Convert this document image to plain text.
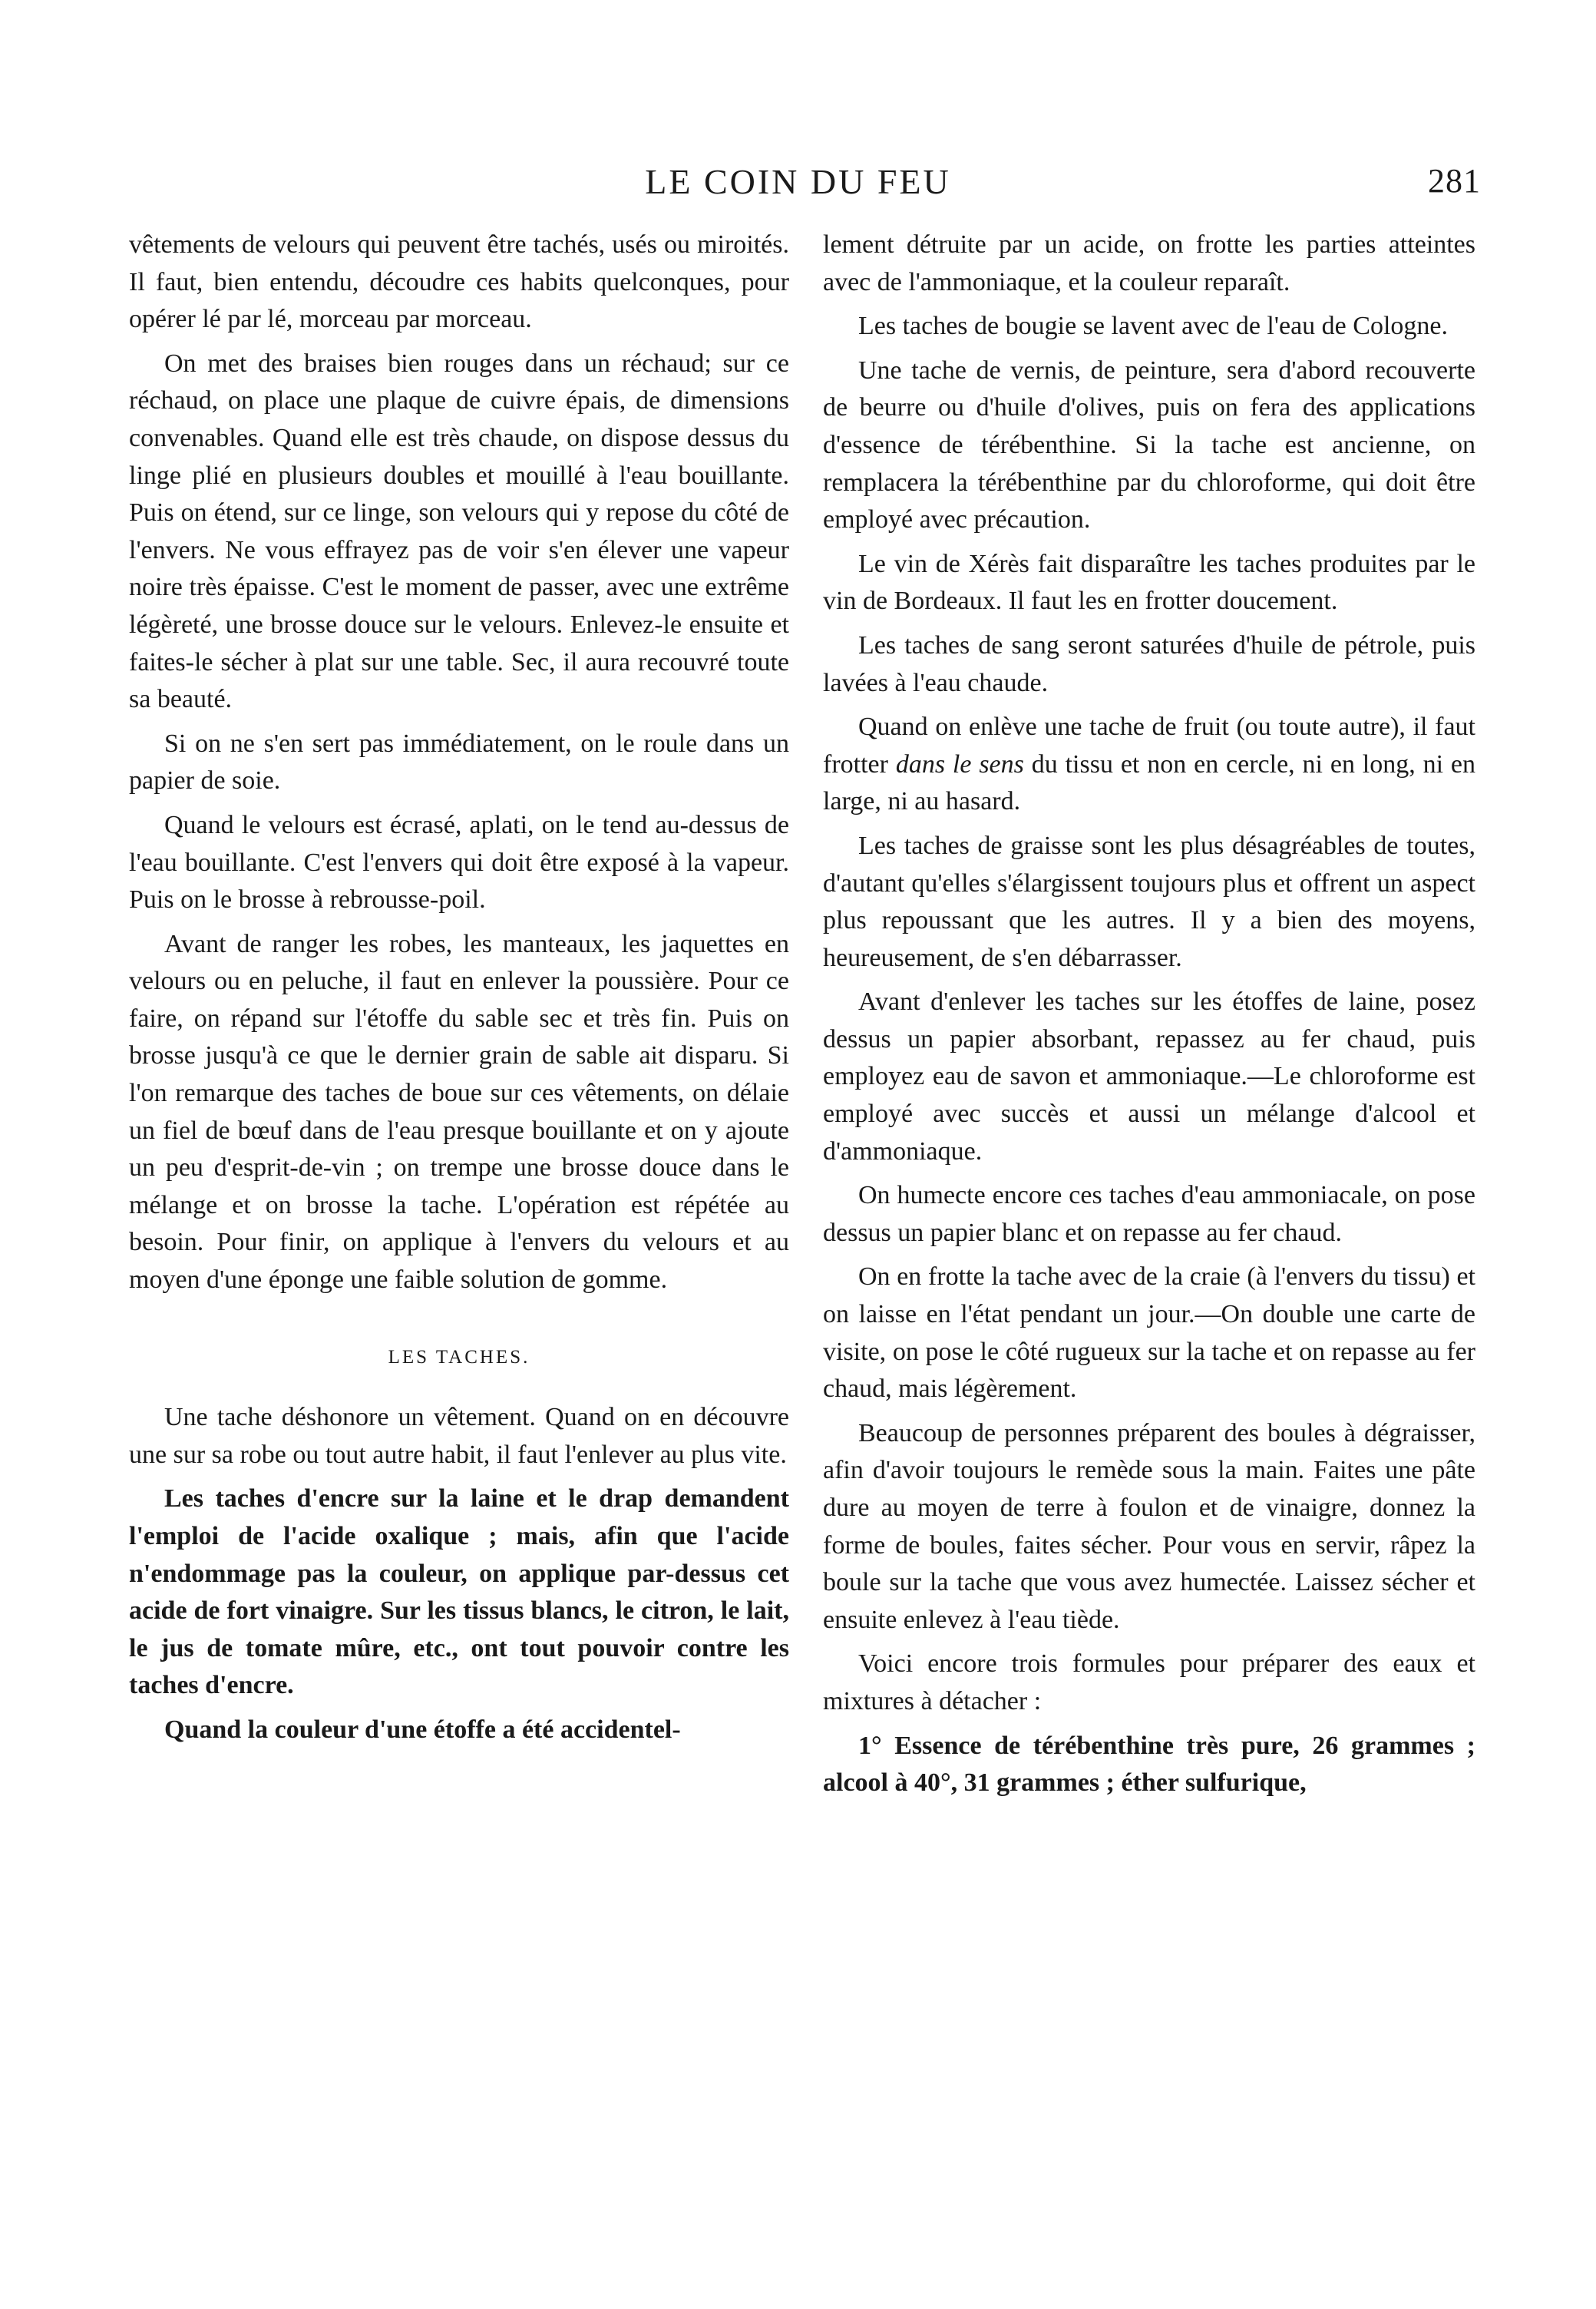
LE COIN DU FEU	281

vêtements de velours qui peuvent être tachés, usés ou miroités. Il faut, bien entendu, découdre ces habits quelconques, pour opérer lé par lé, morceau par morceau.

On met des braises bien rouges dans un réchaud; sur ce réchaud, on place une plaque de cuivre épais, de dimensions convenables. Quand elle est très chaude, on dispose dessus du linge plié en plusieurs doubles et mouillé à l'eau bouillante. Puis on étend, sur ce linge, son velours qui y repose du côté de l'envers. Ne vous effrayez pas de voir s'en élever une vapeur noire très épaisse. C'est le moment de passer, avec une extrême légèreté, une brosse douce sur le velours. Enlevez-le ensuite et faites-le sécher à plat sur une table. Sec, il aura recouvré toute sa beauté.

Si on ne s'en sert pas immédiatement, on le roule dans un papier de soie.

Quand le velours est écrasé, aplati, on le tend au-dessus de l'eau bouillante. C'est l'envers qui doit être exposé à la vapeur. Puis on le brosse à rebrousse-poil.

Avant de ranger les robes, les manteaux, les jaquettes en velours ou en peluche, il faut en enlever la poussière. Pour ce faire, on répand sur l'étoffe du sable sec et très fin. Puis on brosse jusqu'à ce que le dernier grain de sable ait disparu. Si l'on remarque des taches de boue sur ces vêtements, on délaie un fiel de bœuf dans de l'eau presque bouillante et on y ajoute un peu d'esprit-de-vin ; on trempe une brosse douce dans le mélange et on brosse la tache. L'opération est répétée au besoin. Pour finir, on applique à l'envers du velours et au moyen d'une éponge une faible solution de gomme.

LES TACHES.

Une tache déshonore un vêtement. Quand on en découvre une sur sa robe ou tout autre habit, il faut l'enlever au plus vite.

Les taches d'encre sur la laine et le drap demandent l'emploi de l'acide oxalique ; mais, afin que l'acide n'endommage pas la couleur, on applique par-dessus cet acide de fort vinaigre. Sur les tissus blancs, le citron, le lait, le jus de tomate mûre, etc., ont tout pouvoir contre les taches d'encre.

Quand la couleur d'une étoffe a été accidentel-

lement détruite par un acide, on frotte les parties atteintes avec de l'ammoniaque, et la couleur reparaît.

Les taches de bougie se lavent avec de l'eau de Cologne.

Une tache de vernis, de peinture, sera d'abord recouverte de beurre ou d'huile d'olives, puis on fera des applications d'essence de térébenthine. Si la tache est ancienne, on remplacera la térébenthine par du chloroforme, qui doit être employé avec précaution.

Le vin de Xérès fait disparaître les taches produites par le vin de Bordeaux. Il faut les en frotter doucement.

Les taches de sang seront saturées d'huile de pétrole, puis lavées à l'eau chaude.

Quand on enlève une tache de fruit (ou toute autre), il faut frotter dans le sens du tissu et non en cercle, ni en long, ni en large, ni au hasard.

Les taches de graisse sont les plus désagréables de toutes, d'autant qu'elles s'élargissent toujours plus et offrent un aspect plus repoussant que les autres. Il y a bien des moyens, heureusement, de s'en débarrasser.

Avant d'enlever les taches sur les étoffes de laine, posez dessus un papier absorbant, repassez au fer chaud, puis employez eau de savon et ammoniaque.—Le chloroforme est employé avec succès et aussi un mélange d'alcool et d'ammoniaque.

On humecte encore ces taches d'eau ammoniacale, on pose dessus un papier blanc et on repasse au fer chaud.

On en frotte la tache avec de la craie (à l'envers du tissu) et on laisse en l'état pendant un jour.—On double une carte de visite, on pose le côté rugueux sur la tache et on repasse au fer chaud, mais légèrement.

Beaucoup de personnes préparent des boules à dégraisser, afin d'avoir toujours le remède sous la main. Faites une pâte dure au moyen de terre à foulon et de vinaigre, donnez la forme de boules, faites sécher. Pour vous en servir, râpez la boule sur la tache que vous avez humectée. Laissez sécher et ensuite enlevez à l'eau tiède.

Voici encore trois formules pour préparer des eaux et mixtures à détacher :

1° Essence de térébenthine très pure, 26 grammes ; alcool à 40°, 31 grammes ; éther sulfurique,
